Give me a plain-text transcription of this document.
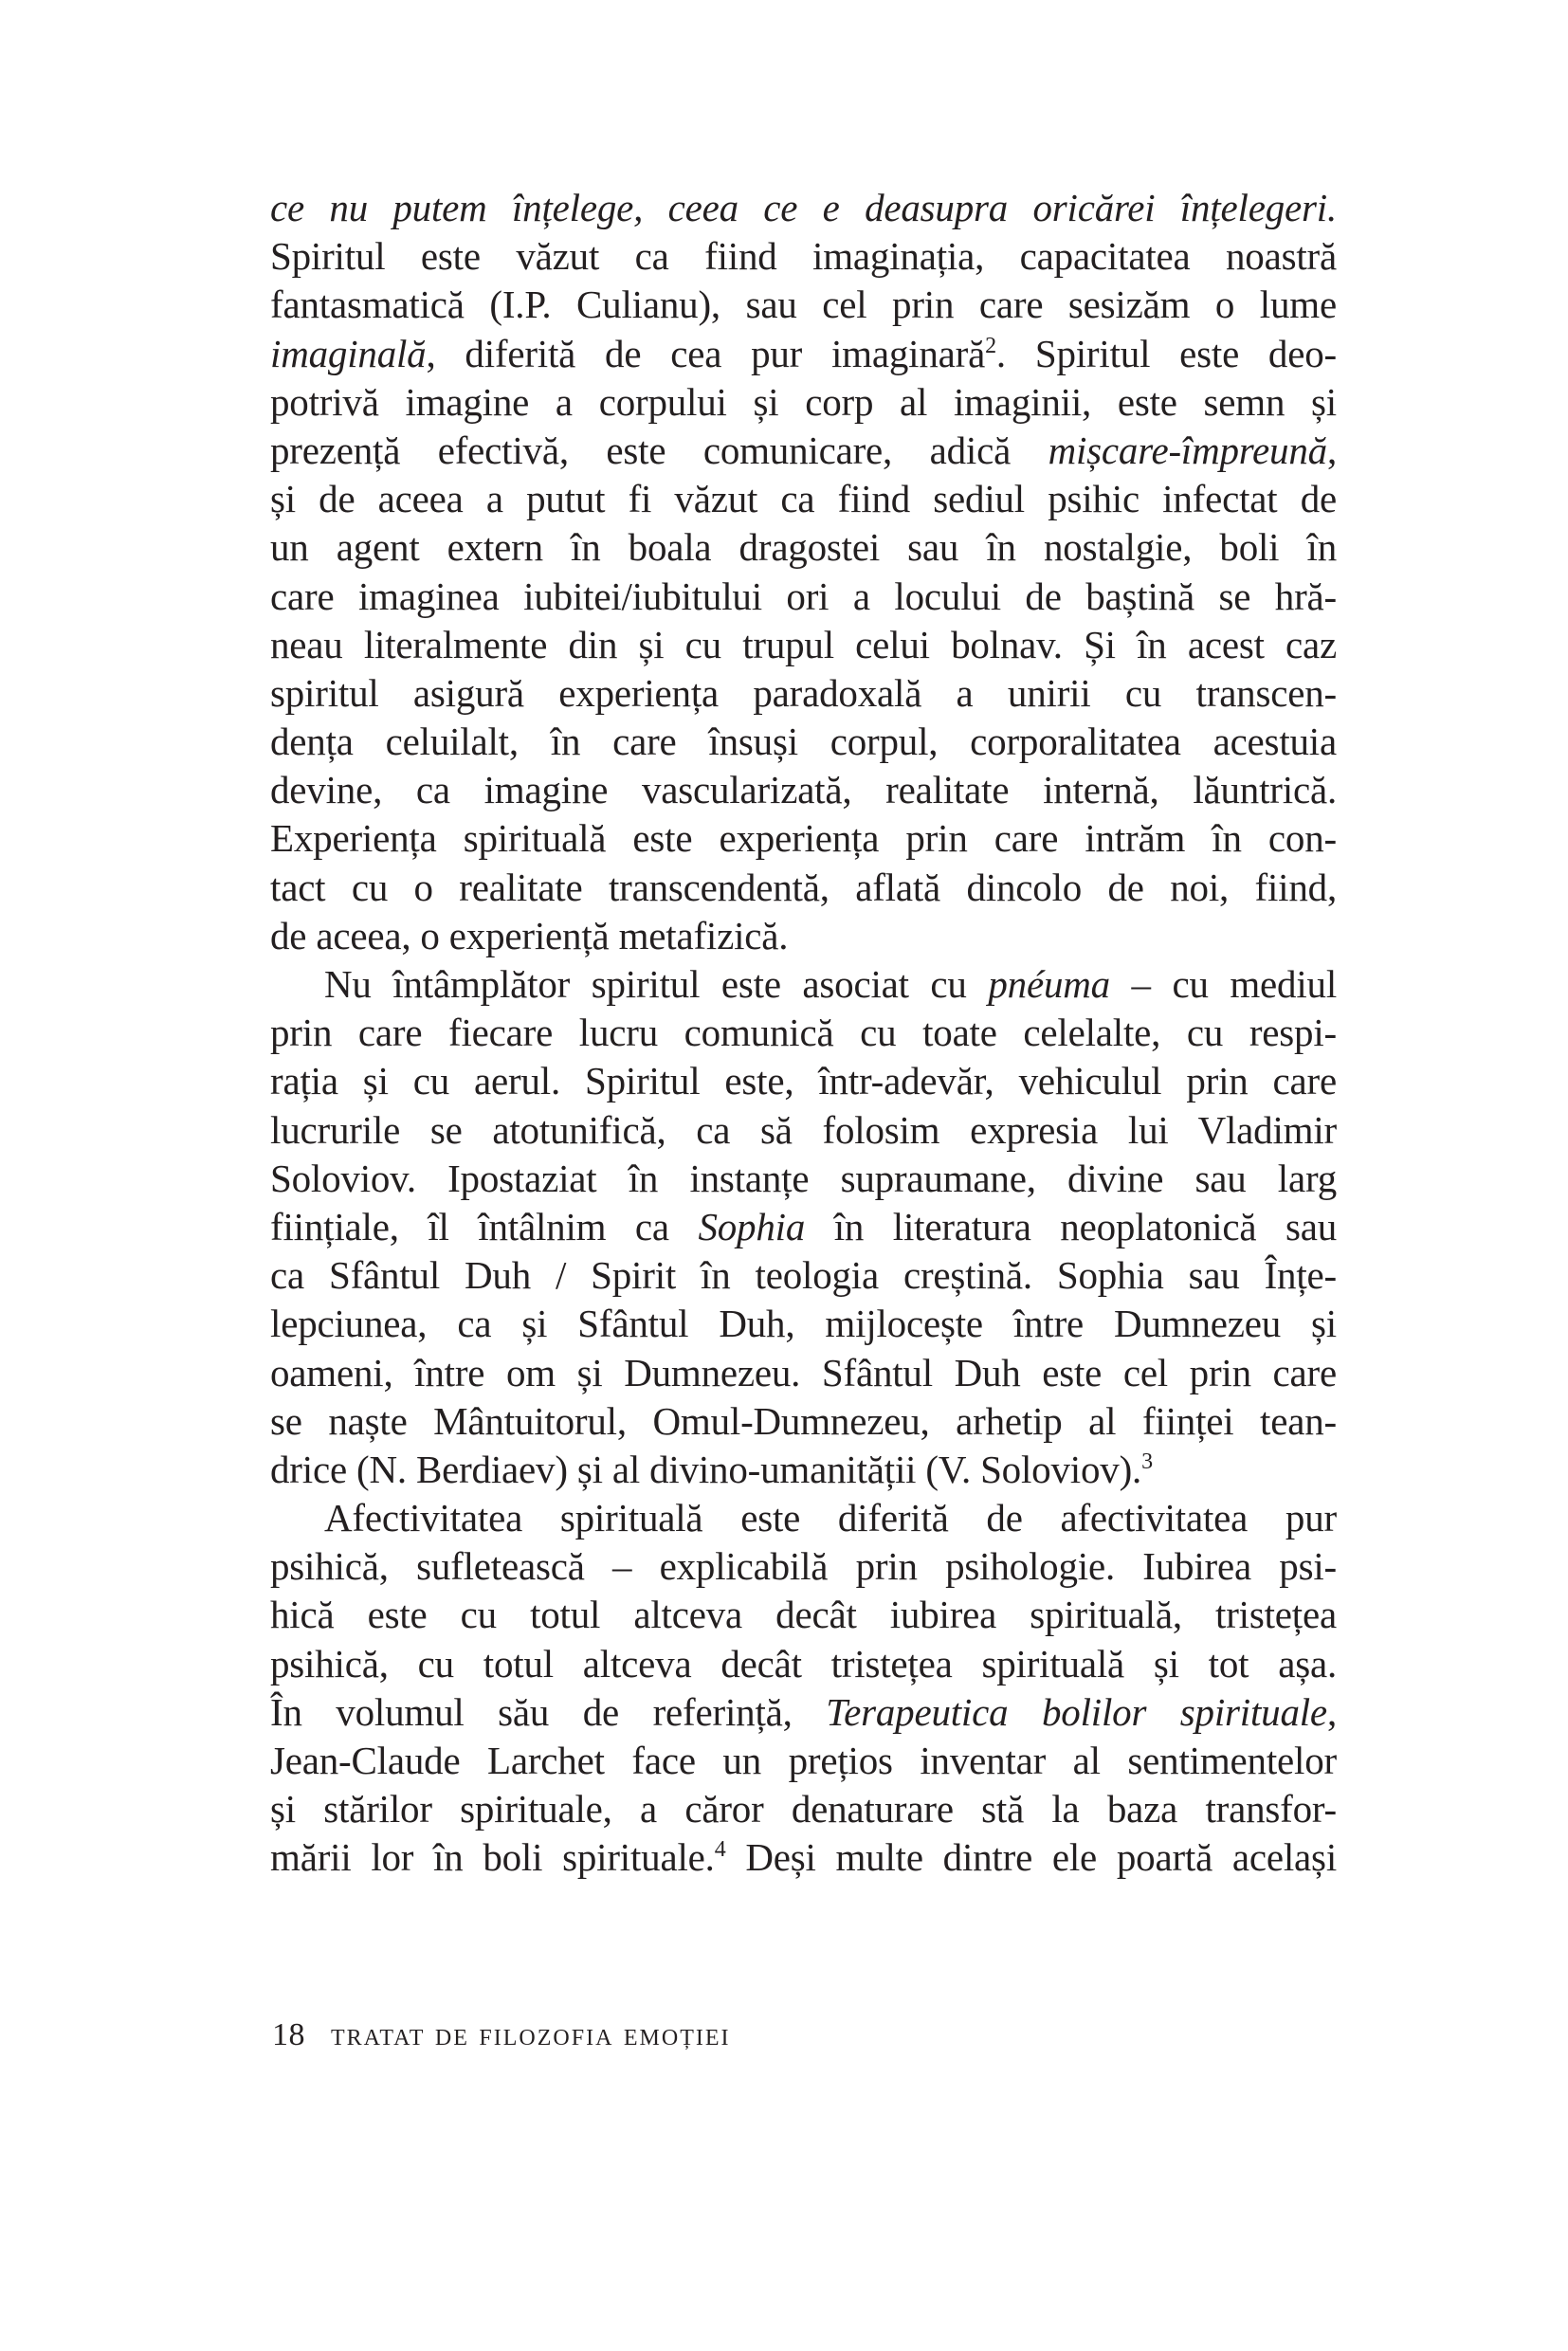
ce nu putem înțelege, ceea ce e deasupra oricărei înțelegeri.
Spiritul este văzut ca fiind imaginația, capacitatea noastră
fantasmatică (I.P. Culianu), sau cel prin care sesizăm o lume
imaginală, diferită de cea pur imaginară$^2$. Spiritul este deo-
potrivă imagine a corpului și corp al imaginii, este semn și
prezență efectivă, este comunicare, adică mișcare-împreună,
și de aceea a putut fi văzut ca fiind sediul psihic infectat de
un agent extern în boala dragostei sau în nostalgie, boli în
care imaginea iubitei/iubitului ori a locului de baștină se hră-
neau literalmente din și cu trupul celui bolnav. Și în acest caz
spiritul asigură experiența paradoxală a unirii cu transcen-
dența celuilalt, în care însuși corpul, corporalitatea acestuia
devine, ca imagine vascularizată, realitate internă, lăuntrică.
Experiența spirituală este experiența prin care intrăm în con-
tact cu o realitate transcendentă, aflată dincolo de noi, fiind,
de aceea, o experiență metafizică.
Nu întâmplător spiritul este asociat cu pnéuma – cu mediul
prin care fiecare lucru comunică cu toate celelalte, cu respi-
rația și cu aerul. Spiritul este, într-adevăr, vehiculul prin care
lucrurile se atotunifică, ca să folosim expresia lui Vladimir
Soloviov. Ipostaziat în instanțe supraumane, divine sau larg
ființiale, îl întâlnim ca Sophia în literatura neoplatonică sau
ca Sfântul Duh / Spirit în teologia creștină. Sophia sau Înțe-
lepciunea, ca și Sfântul Duh, mijlocește între Dumnezeu și
oameni, între om și Dumnezeu. Sfântul Duh este cel prin care
se naște Mântuitorul, Omul-Dumnezeu, arhetip al ființei tean-
drice (N. Berdiaev) și al divino-umanității (V. Soloviov).$^3$
Afectivitatea spirituală este diferită de afectivitatea pur
psihică, sufletească – explicabilă prin psihologie. Iubirea psi-
hică este cu totul altceva decât iubirea spirituală, tristețea
psihică, cu totul altceva decât tristețea spirituală și tot așa.
În volumul său de referință, Terapeutica bolilor spirituale,
Jean-Claude Larchet face un prețios inventar al sentimentelor
și stărilor spirituale, a căror denaturare stă la baza transfor-
mării lor în boli spirituale.$^4$ Deși multe dintre ele poartă același
18 tratat de filozofia emoției
